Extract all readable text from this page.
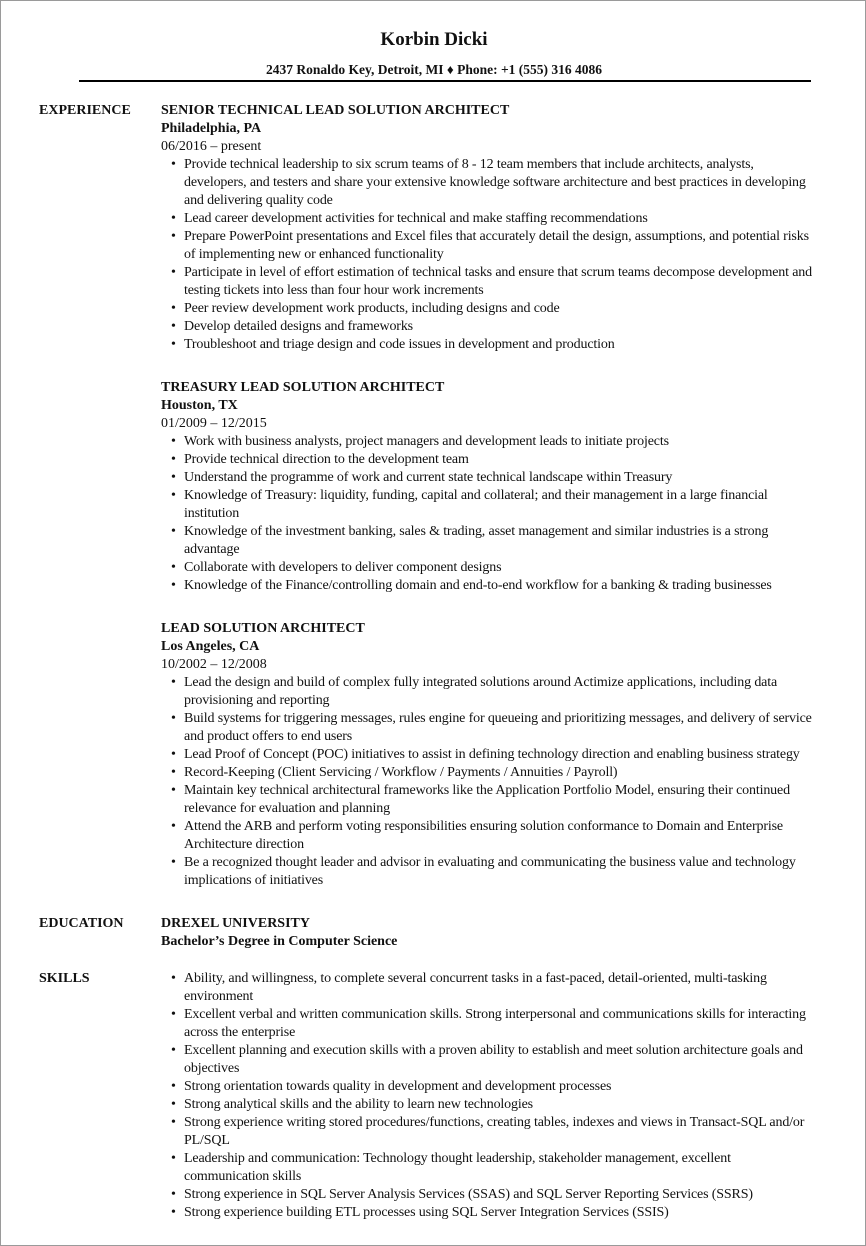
Korbin Dicki
2437 Ronaldo Key, Detroit, MI ♦ Phone: +1 (555) 316 4086
EXPERIENCE	SENIOR TECHNICAL LEAD SOLUTION ARCHITECT
Philadelphia, PA
06/2016 – present
• Provide technical leadership to six scrum teams of 8 - 12 team members that include architects, analysts, developers, and testers and share your extensive knowledge software architecture and best practices in developing and delivering quality code
• Lead career development activities for technical and make staffing recommendations
• Prepare PowerPoint presentations and Excel files that accurately detail the design, assumptions, and potential risks of implementing new or enhanced functionality
• Participate in level of effort estimation of technical tasks and ensure that scrum teams decompose development and testing tickets into less than four hour work increments
• Peer review development work products, including designs and code
• Develop detailed designs and frameworks
• Troubleshoot and triage design and code issues in development and production
TREASURY LEAD SOLUTION ARCHITECT
Houston, TX
01/2009 – 12/2015
• Work with business analysts, project managers and development leads to initiate projects
• Provide technical direction to the development team
• Understand the programme of work and current state technical landscape within Treasury
• Knowledge of Treasury: liquidity, funding, capital and collateral; and their management in a large financial institution
• Knowledge of the investment banking, sales & trading, asset management and similar industries is a strong advantage
• Collaborate with developers to deliver component designs
• Knowledge of the Finance/controlling domain and end-to-end workflow for a banking & trading businesses
LEAD SOLUTION ARCHITECT
Los Angeles, CA
10/2002 – 12/2008
• Lead the design and build of complex fully integrated solutions around Actimize applications, including data provisioning and reporting
• Build systems for triggering messages, rules engine for queueing and prioritizing messages, and delivery of service and product offers to end users
• Lead Proof of Concept (POC) initiatives to assist in defining technology direction and enabling business strategy
• Record-Keeping (Client Servicing / Workflow / Payments / Annuities / Payroll)
• Maintain key technical architectural frameworks like the Application Portfolio Model, ensuring their continued relevance for evaluation and planning
• Attend the ARB and perform voting responsibilities ensuring solution conformance to Domain and Enterprise Architecture direction
• Be a recognized thought leader and advisor in evaluating and communicating the business value and technology implications of initiatives
EDUCATION	DREXEL UNIVERSITY
Bachelor’s Degree in Computer Science
SKILLS	• Ability, and willingness, to complete several concurrent tasks in a fast-paced, detail-oriented, multi-tasking environment
• Excellent verbal and written communication skills. Strong interpersonal and communications skills for interacting across the enterprise
• Excellent planning and execution skills with a proven ability to establish and meet solution architecture goals and objectives
• Strong orientation towards quality in development and development processes
• Strong analytical skills and the ability to learn new technologies
• Strong experience writing stored procedures/functions, creating tables, indexes and views in Transact-SQL and/or PL/SQL
• Leadership and communication: Technology thought leadership, stakeholder management, excellent communication skills
• Strong experience in SQL Server Analysis Services (SSAS) and SQL Server Reporting Services (SSRS)
• Strong experience building ETL processes using SQL Server Integration Services (SSIS)
